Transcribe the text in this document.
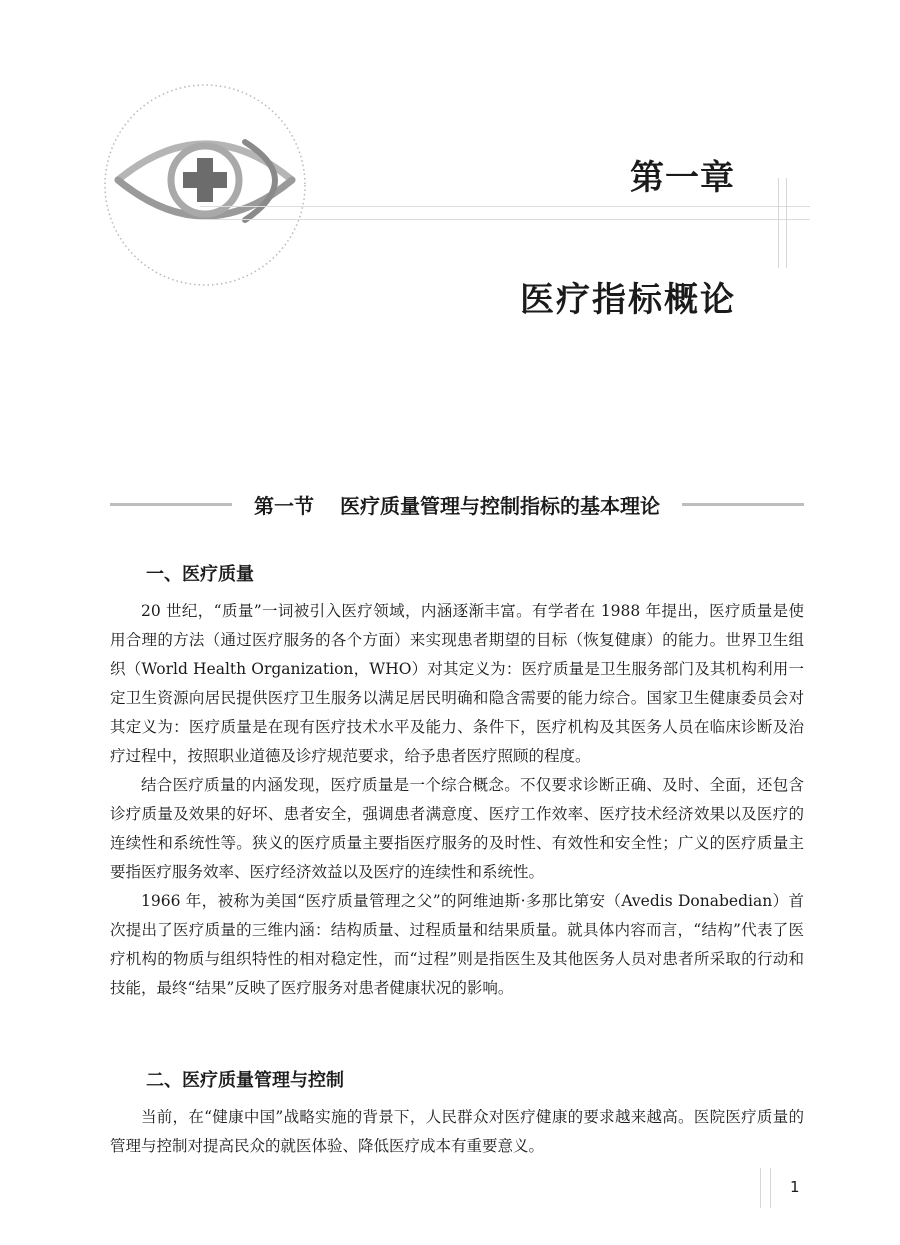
第一章
医疗指标概论
第一节 医疗质量管理与控制指标的基本理论
一、医疗质量

20 世纪，“质量”一词被引入医疗领域，内涵逐渐丰富。有学者在 1988 年提出，医疗质量是使用合理的方法（通过医疗服务的各个方面）来实现患者期望的目标（恢复健康）的能力。世界卫生组织（World Health Organization，WHO）对其定义为：医疗质量是卫生服务部门及其机构利用一定卫生资源向居民提供医疗卫生服务以满足居民明确和隐含需要的能力综合。国家卫生健康委员会对其定义为：医疗质量是在现有医疗技术水平及能力、条件下，医疗机构及其医务人员在临床诊断及治疗过程中，按照职业道德及诊疗规范要求，给予患者医疗照顾的程度。

结合医疗质量的内涵发现，医疗质量是一个综合概念。不仅要求诊断正确、及时、全面，还包含诊疗质量及效果的好坏、患者安全，强调患者满意度、医疗工作效率、医疗技术经济效果以及医疗的连续性和系统性等。狭义的医疗质量主要指医疗服务的及时性、有效性和安全性；广义的医疗质量主要指医疗服务效率、医疗经济效益以及医疗的连续性和系统性。

1966 年，被称为美国“医疗质量管理之父”的阿维迪斯·多那比第安（Avedis Donabedian）首次提出了医疗质量的三维内涵：结构质量、过程质量和结果质量。就具体内容而言，“结构”代表了医疗机构的物质与组织特性的相对稳定性，而“过程”则是指医生及其他医务人员对患者所采取的行动和技能，最终“结果”反映了医疗服务对患者健康状况的影响。

二、医疗质量管理与控制

当前，在“健康中国”战略实施的背景下，人民群众对医疗健康的要求越来越高。医院医疗质量的管理与控制对提高民众的就医体验、降低医疗成本有重要意义。

1
